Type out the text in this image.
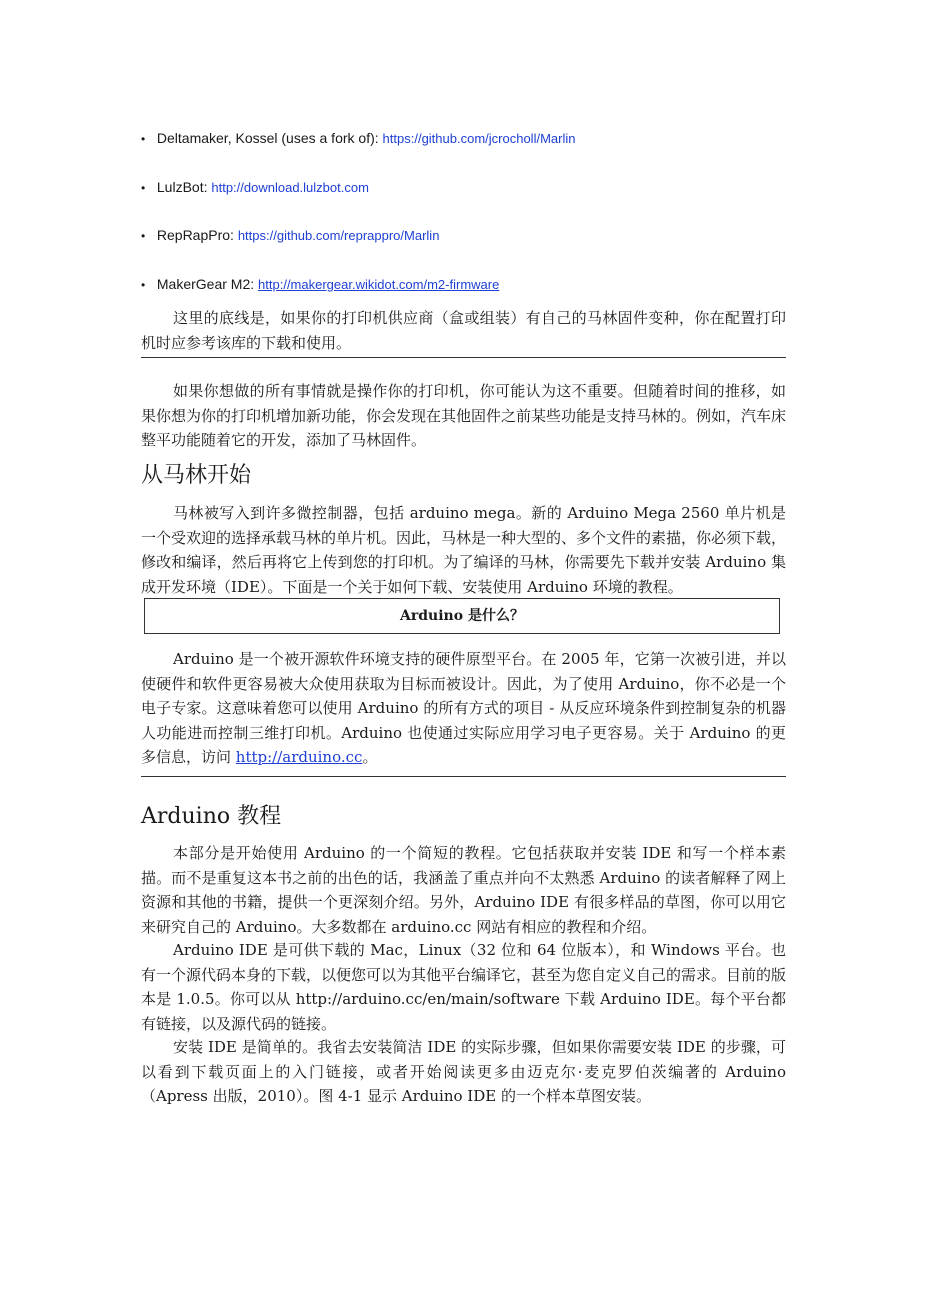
• Deltamaker, Kossel (uses a fork of): https://github.com/jcrocholl/Marlin
• LulzBot: http://download.lulzbot.com
• RepRapPro: https://github.com/reprappro/Marlin
• MakerGear M2: http://makergear.wikidot.com/m2-firmware

这里的底线是，如果你的打印机供应商（盒或组装）有自己的马林固件变种，你在配置打印机时应参考该库的下载和使用。

如果你想做的所有事情就是操作你的打印机，你可能认为这不重要。但随着时间的推移，如果你想为你的打印机增加新功能，你会发现在其他固件之前某些功能是支持马林的。例如，汽车床整平功能随着它的开发，添加了马林固件。

从马林开始

马林被写入到许多微控制器，包括 arduino mega。新的 Arduino Mega 2560 单片机是一个受欢迎的选择承载马林的单片机。因此，马林是一种大型的、多个文件的素描，你必须下载，修改和编译，然后再将它上传到您的打印机。为了编译的马林，你需要先下载并安装 Arduino 集成开发环境（IDE）。下面是一个关于如何下载、安装使用 Arduino 环境的教程。

Arduino 是什么？

Arduino 是一个被开源软件环境支持的硬件原型平台。在 2005 年，它第一次被引进，并以使硬件和软件更容易被大众使用获取为目标而被设计。因此，为了使用 Arduino，你不必是一个电子专家。这意味着您可以使用 Arduino 的所有方式的项目 - 从反应环境条件到控制复杂的机器人功能进而控制三维打印机。Arduino 也使通过实际应用学习电子更容易。关于 Arduino 的更多信息，访问 http://arduino.cc。

Arduino 教程

本部分是开始使用 Arduino 的一个简短的教程。它包括获取并安装 IDE 和写一个样本素描。而不是重复这本书之前的出色的话，我涵盖了重点并向不太熟悉 Arduino 的读者解释了网上资源和其他的书籍，提供一个更深刻介绍。另外，Arduino IDE 有很多样品的草图，你可以用它来研究自己的 Arduino。大多数都在 arduino.cc 网站有相应的教程和介绍。

Arduino IDE 是可供下载的 Mac，Linux（32 位和 64 位版本），和 Windows 平台。也有一个源代码本身的下载，以便您可以为其他平台编译它，甚至为您自定义自己的需求。目前的版本是 1.0.5。你可以从 http://arduino.cc/en/main/software 下载 Arduino IDE。每个平台都有链接，以及源代码的链接。

安装 IDE 是简单的。我省去安装简洁 IDE 的实际步骤，但如果你需要安装 IDE 的步骤，可以看到下载页面上的入门链接，或者开始阅读更多由迈克尔·麦克罗伯茨编著的 Arduino（Apress 出版，2010）。图 4-1 显示 Arduino IDE 的一个样本草图安装。
